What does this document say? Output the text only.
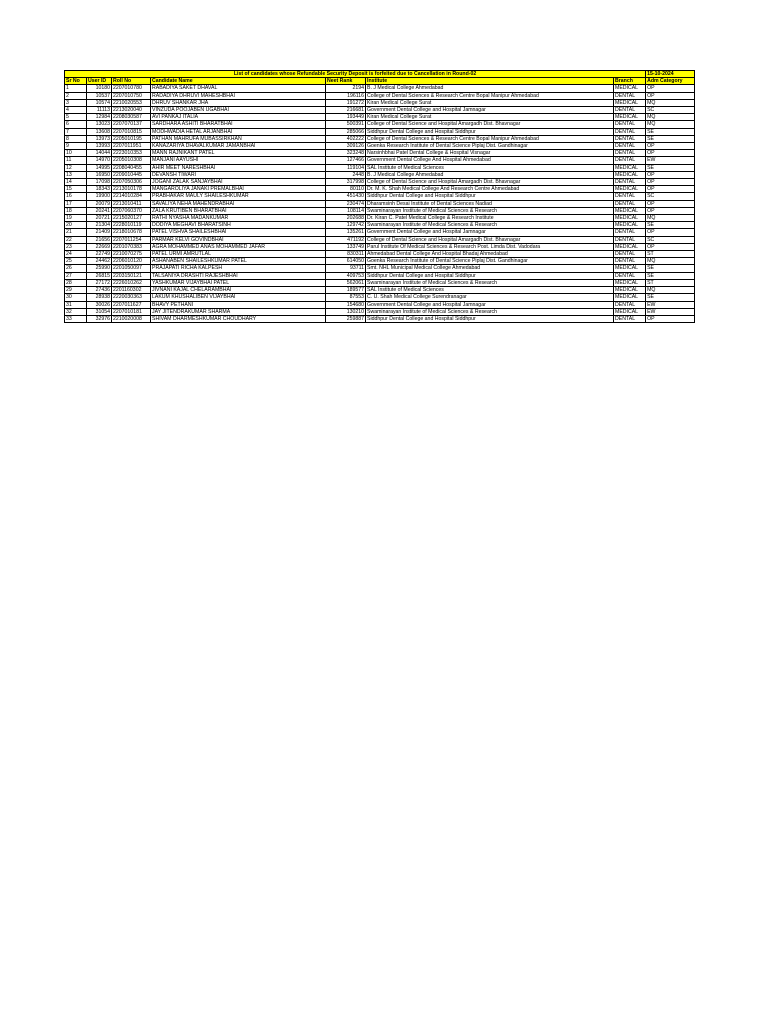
List of candidates whose Refundable Security Deposit is forfeited due to Cancellation in Round-02							15-10-2024
Sr No	User ID	Roll No	Candidate Name	Neet Rank	Institute	Branch	Adm Category
1	10180	2207010780	RABADIYA SAKET DHAVAL	2194	B. J Medical College Ahmedabad	MEDICAL	OP
2	10537	2207010750	RADADIYA DHRUVI MAHESHBHAI	196116	College of Dental Sciences & Research Centre Bopal Manipur Ahmedabad	DENTAL	OP
3	10574	2210020553	DHRUV SHANKAR JHA	191272	Kiran Medical College Surat	MEDICAL	MQ
4	11113	2213020040	VINZUDA POOJABEN UGABHAI	216681	Government Dental College and Hospital Jamnagar	DENTAL	SC
5	12984	2208030587	AVI PANKAJ ITALIA	193449	Kiran Medical College Surat	MEDICAL	MQ
6	13023	2207070137	SARDHARA ASHITI BHARATBHAI	500391	College of Dental Science and Hospital Amargadh Dist. Bhavnagar	DENTAL	MQ
7	13608	2207010815	MODHWADIA HETAL ARJANBHAI	285066	Siddhpur Dental College and Hospital Siddhpur	DENTAL	SE
8	13973	2205010195	PATHAN MAHRUFA MUBASSIRKHAN	402222	College of Dental Sciences & Research Centre Bopal Manipur Ahmedabad	DENTAL	SE
9	13993	2207011951	KANAZARIYA DHAVALKUMAR JAMANBHAI	309126	Goenka Research Institute of Dental Science Piplaj Dist. Gandhinagar	DENTAL	OP
10	14044	2223010353	MANN RAJNIKANT PATEL	323248	Narsinhbhai Patel Dental College & Hospital Visnagar	DENTAL	OP
11	14970	2205010308	MANJANI AAYUSHI	127466	Government Dental College And Hospital Ahmedabad	DENTAL	EW
12	14995	2208040455	AHIR MEET NARESHBHAI	119104	SAL Institute of Medical Sciences	MEDICAL	SE
13	16950	2209010445	DEVANSH TIWARI	2448	B. J Medical College Ahmedabad	MEDICAL	OP
14	17098	2207050306	JOGANI ZALAK SANJAYBHAI	317998	College of Dental Science and Hospital Amargadh Dist. Bhavnagar	DENTAL	OP
15	18343	2213010178	MANGAROLIYA JANAKI PREMALBHAI	80110	Dr. M. K. Shah Medical College And Research Centre Ahmedabad	MEDICAL	OP
16	19900	2214010284	PRABHAKAR MAULY SHAILESHKUMAR	451430	Siddhpur Dental College and Hospital Siddhpur	DENTAL	SC
17	20079	2213010411	SAVALIYA NEHA MAHENDRABHAI	230474	Dharamsinh Desai Institute of Dental Sciences Nadiad	DENTAL	OP
18	20241	2207060370	ZALA KRUTIBEN BHARATBHAI	108114	Swaminarayan Institute of Medical Sciences & Research	MEDICAL	OP
19	20721	2215020127	RATHI NYASHA MADANKUMAR	202688	Dr. Kiran C. Patel Medical College & Research Institute	MEDICAL	MQ
20	21304	2228010119	DODIYA MEGHAVI BHARATSINH	129742	Swaminarayan Institute of Medical Sciences & Research	MEDICAL	SE
21	21409	2218010678	PATEL VISHVA SHAILESHBHAI	135261	Government Dental College and Hospital Jamnagar	DENTAL	OP
22	21656	2207011254	PARMAR KELVI GOVINDBHAI	471192	College of Dental Science and Hospital Amargadh Dist. Bhavnagar	DENTAL	SC
23	22669	2201070383	AGRA MOHAMMED ANAS MOHAMMED JAFAR	133749	Parul Institute Of Medical Sciences & Research Post. Limda Dist. Vadodara	MEDICAL	OP
24	22749	2210070275	PATEL URMI AMRUTLAL	830311	Ahmedabad Dental College And Hospital Bhadaj Ahmedabad	DENTAL	ST
25	24462	2206010120	ASHANABEN SHAILESHKUMAR PATEL	614050	Goenka Research Institute of Dental Science Piplaj Dist. Gandhinagar	DENTAL	MQ
26	25990	2201050097	PRAJAPATI RICHA KALPESH	93711	Smt. NHL Municipal Medical College Ahmedabad	MEDICAL	SE
27	26815	2203150121	TALSANIYA DRASHTI RAJESHBHAI	409753	Siddhpur Dental College and Hospital Siddhpur	DENTAL	SE
28	27172	2226010262	YASHKUMAR VIJAYBHAI PATEL	562061	Swaminarayan Institute of Medical Sciences & Research	MEDICAL	ST
29	27436	2201160302	JIVNANI KAJAL CHELARAMBHAI	189577	SAL Institute of Medical Sciences	MEDICAL	MQ
30	28938	2220030363	LAKUM KHUSHALIBEN VIJAYBHAI	87553	C. U. Shah Medical College Surendranagar	MEDICAL	SE
31	30026	2207011627	BHAVY PETHANI	154680	Government Dental College and Hospital Jamnagar	DENTAL	EW
32	31054	2207010181	JAY JITENDRAKUMAR SHARMA	130210	Swaminarayan Institute of Medical Sciences & Research	MEDICAL	EW
33	32976	2210020008	SHIVAM DHARMESHKUMAR CHOUDHARY	259887	Siddhpur Dental College and Hospital Siddhpur	DENTAL	OP
